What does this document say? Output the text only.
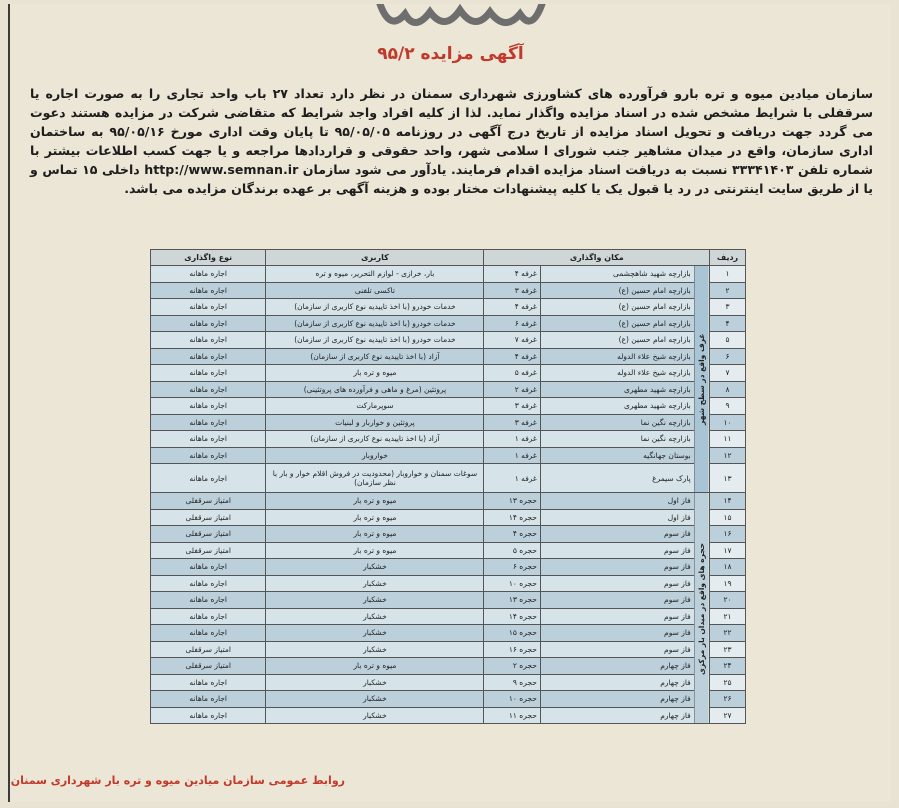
آگهی مزایده ۹۵/۲
سازمان میادین میوه و تره بارو فرآورده های کشاورزی شهرداری سمنان در نظر دارد تعداد ۲۷ باب واحد تجاری را به صورت اجاره یا سرقفلی با شرایط مشخص شده در اسناد مزایده واگذار نماید. لذا از کلیه افراد واجد شرایط که متقاضی شرکت در مزایده هستند دعوت می گردد جهت دریافت و تحویل اسناد مزایده از تاریخ درج آگهی در روزنامه ۹۵/۰۵/۰۵ تا پایان وقت اداری مورخ ۹۵/۰۵/۱۶ به ساختمان اداری سازمان، واقع در میدان مشاهیر جنب شورای ا سلامی شهر، واحد حقوقی و قراردادها مراجعه و یا جهت کسب اطلاعات بیشتر با شماره تلفن ۳۳۳۴۱۴۰۳ نسبت به دریافت اسناد مزایده اقدام فرمایند. یادآور می شود سازمان http://www.semnan.ir داخلی ۱۵ تماس و یا از طریق سایت اینترنتی در رد یا قبول یک یا کلیه پیشنهادات مختار بوده و هزینه آگهی بر عهده برندگان مزایده می باشد.
ردیف	مکان واگذاری			کاربری	نوع واگذاری
۱	غرف واقع در سطح شهر	بازارچه شهید شاهچشمی	غرفه ۴	بار، خرازی - لوازم التحریر، میوه و تره	اجاره ماهانه
۲		بازارچه امام حسین (ع)	غرفه ۳	تاکسی تلفنی	اجاره ماهانه
۳		بازارچه امام حسین (ع)	غرفه ۴	خدمات خودرو (با اخذ تاییدیه نوع کاربری از سازمان)	اجاره ماهانه
۴		بازارچه امام حسین (ع)	غرفه ۶	خدمات خودرو (با اخذ تاییدیه نوع کاربری از سازمان)	اجاره ماهانه
۵		بازارچه امام حسین (ع)	غرفه ۷	خدمات خودرو (با اخذ تاییدیه نوع کاربری از سازمان)	اجاره ماهانه
۶		بازارچه شیخ علاء الدوله	غرفه ۴	آزاد (با اخذ تاییدیه نوع کاربری از سازمان)	اجاره ماهانه
۷		بازارچه شیخ علاء الدوله	غرفه ۵	میوه و تره بار	اجاره ماهانه
۸		بازارچه شهید مطهری	غرفه ۲	پروتئین (مرغ و ماهی و فرآورده های پروتئینی)	اجاره ماهانه
۹		بازارچه شهید مطهری	غرفه ۳	سوپرمارکت	اجاره ماهانه
۱۰		بازارچه نگین نما	غرفه ۳	پروتئین و خواربار و لبنیات	اجاره ماهانه
۱۱		بازارچه نگین نما	غرفه ۱	آزاد (با اخذ تاییدیه نوع کاربری از سازمان)	اجاره ماهانه
۱۲		بوستان جهانگیه	غرفه ۱	خواروبار	اجاره ماهانه
۱۳		پارک سیمرغ	غرفه ۱	سوغات سمنان و خواروبار (محدودیت در فروش اقلام خوار و بار با نظر سازمان)	اجاره ماهانه
۱۴	حجره های واقع در میدان بار مرکزی	فاز اول	حجره ۱۳	میوه و تره بار	امتیاز سرقفلی
۱۵		فاز اول	حجره ۱۴	میوه و تره بار	امتیاز سرقفلی
۱۶		فاز سوم	حجره ۴	میوه و تره بار	امتیاز سرقفلی
۱۷		فاز سوم	حجره ۵	میوه و تره بار	امتیاز سرقفلی
۱۸		فاز سوم	حجره ۶	خشکبار	اجاره ماهانه
۱۹		فاز سوم	حجره ۱۰	خشکبار	اجاره ماهانه
۲۰		فاز سوم	حجره ۱۳	خشکبار	اجاره ماهانه
۲۱		فاز سوم	حجره ۱۴	خشکبار	اجاره ماهانه
۲۲		فاز سوم	حجره ۱۵	خشکبار	اجاره ماهانه
۲۳		فاز سوم	حجره ۱۶	خشکبار	امتیاز سرقفلی
۲۴		فاز چهارم	حجره ۲	میوه و تره بار	امتیاز سرقفلی
۲۵		فاز چهارم	حجره ۹	خشکبار	اجاره ماهانه
۲۶		فاز چهارم	حجره ۱۰	خشکبار	اجاره ماهانه
۲۷		فاز چهارم	حجره ۱۱	خشکبار	اجاره ماهانه
روابط عمومی سازمان میادین میوه و تره بار شهرداری سمنان
